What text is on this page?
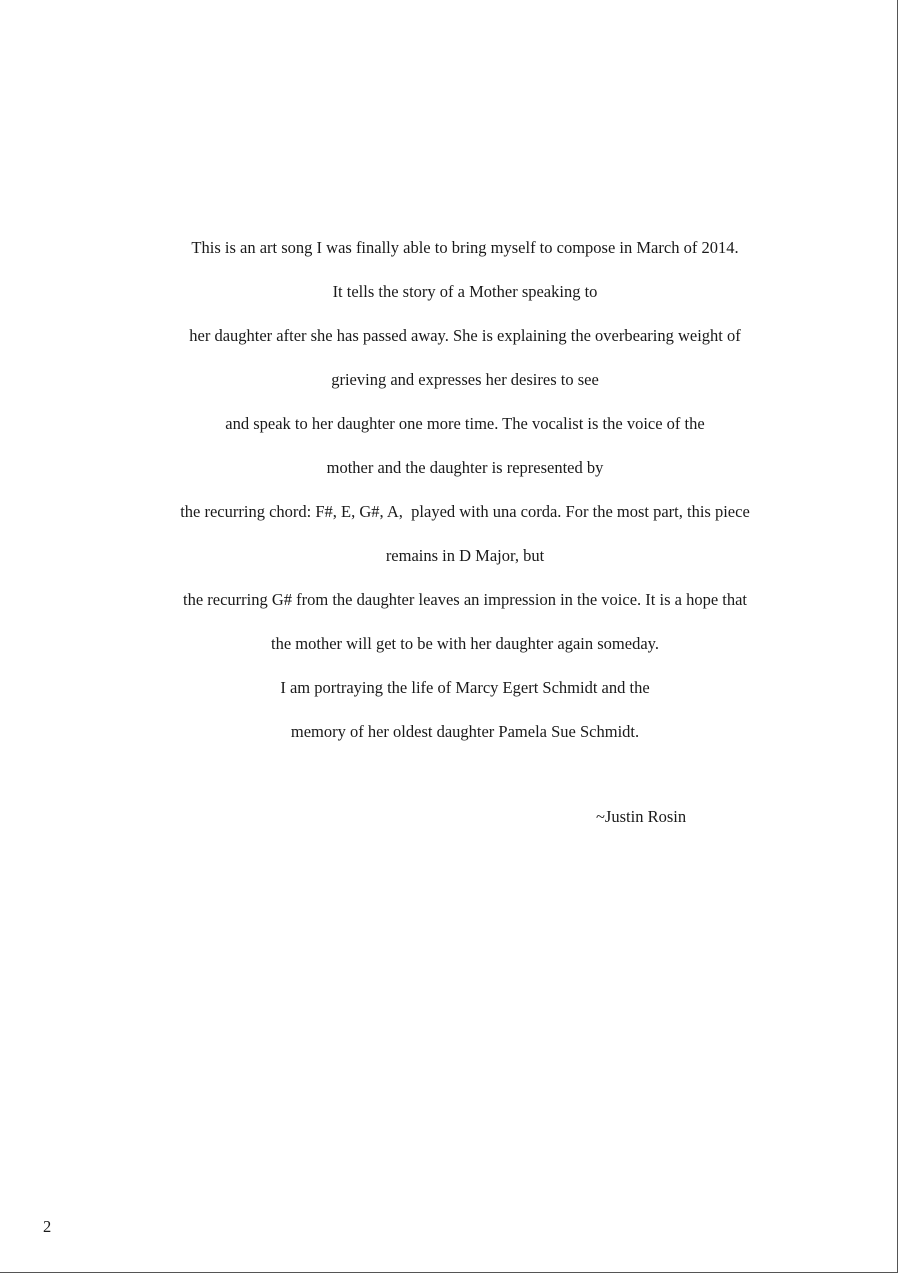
This is an art song I was finally able to bring myself to compose in March of 2014.
It tells the story of a Mother speaking to
her daughter after she has passed away. She is explaining the overbearing weight of
grieving and expresses her desires to see
and speak to her daughter one more time. The vocalist is the voice of the
mother and the daughter is represented by
the recurring chord: F#, E, G#, A,  played with una corda. For the most part, this piece
remains in D Major, but
the recurring G# from the daughter leaves an impression in the voice. It is a hope that
the mother will get to be with her daughter again someday.
I am portraying the life of Marcy Egert Schmidt and the
memory of her oldest daughter Pamela Sue Schmidt.
~Justin Rosin
2
